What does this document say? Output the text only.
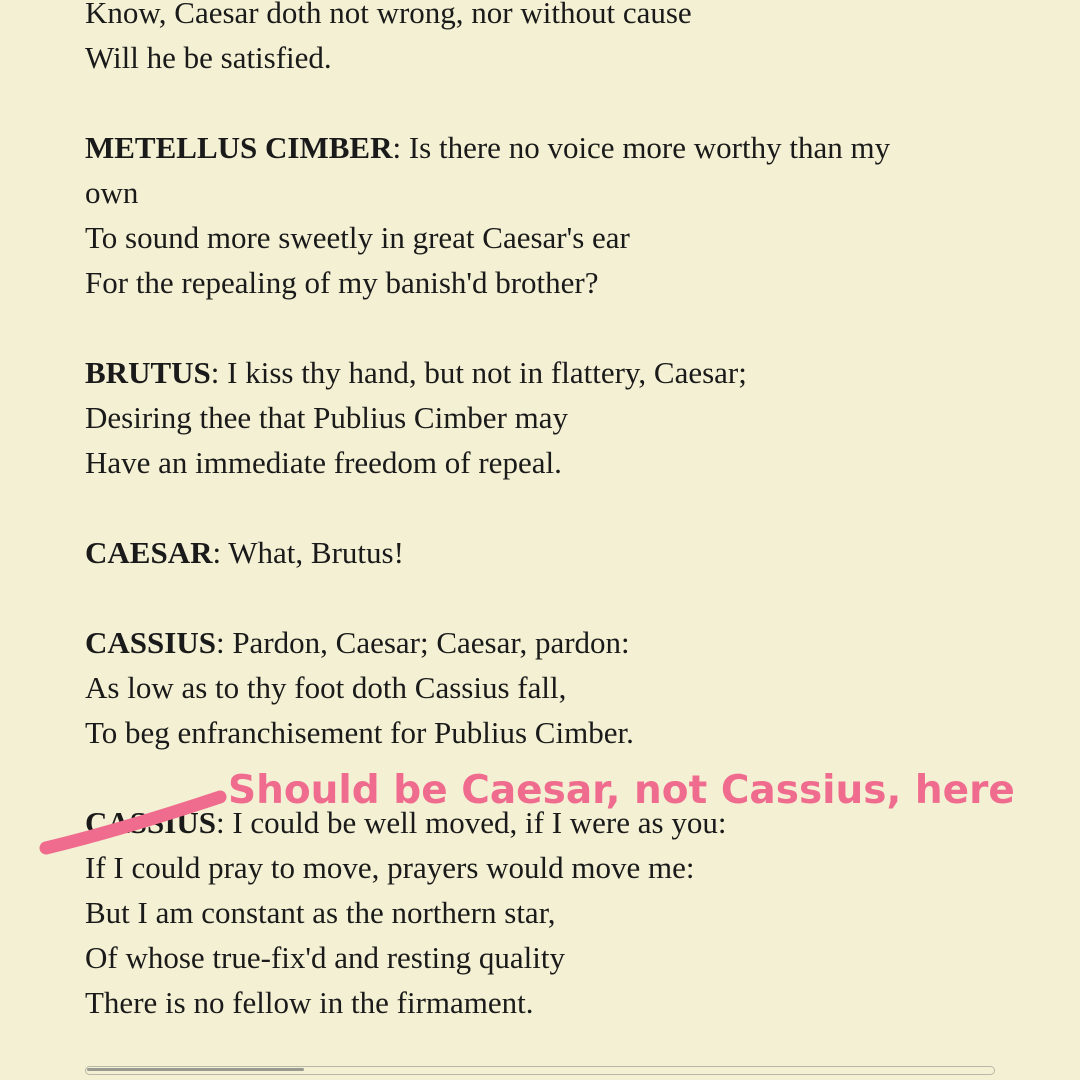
Know, Caesar doth not wrong, nor without cause
Will he be satisfied.
METELLUS CIMBER: Is there no voice more worthy than my
own
To sound more sweetly in great Caesar's ear
For the repealing of my banish'd brother?
BRUTUS: I kiss thy hand, but not in flattery, Caesar;
Desiring thee that Publius Cimber may
Have an immediate freedom of repeal.
CAESAR: What, Brutus!
CASSIUS: Pardon, Caesar; Caesar, pardon:
As low as to thy foot doth Cassius fall,
To beg enfranchisement for Publius Cimber.
CASSIUS: I could be well moved, if I were as you:
If I could pray to move, prayers would move me:
But I am constant as the northern star,
Of whose true-fix'd and resting quality
There is no fellow in the firmament.
Should be Caesar, not Cassius, here
